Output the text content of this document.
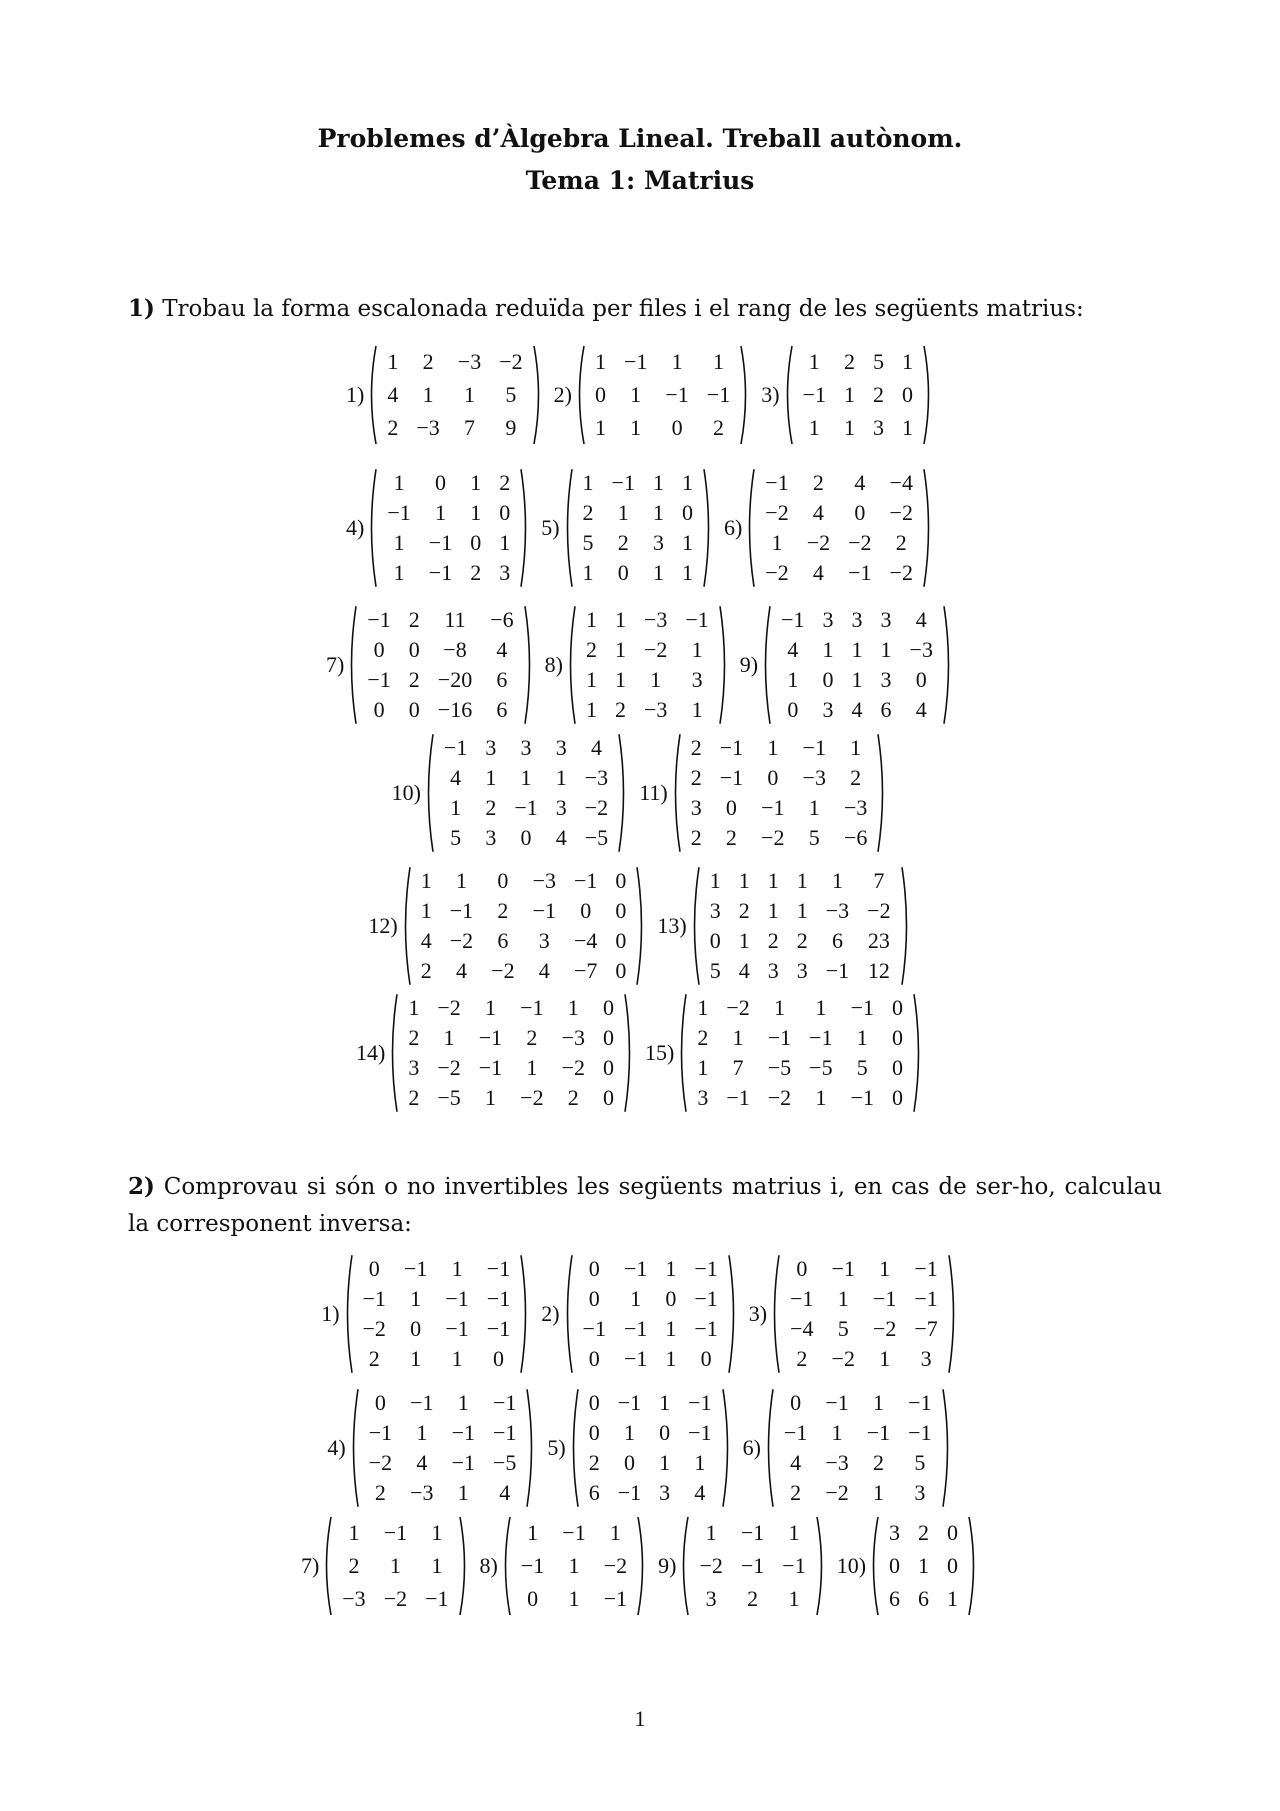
Problemes d’Àlgebra Lineal. Treball autònom.
Tema 1: Matrius
1) Trobau la forma escalonada reduïda per files i el rang de les següents matrius:
1)
1	2	−3	−2
4	1	1	5
2	−3	7	9
2)
1	−1	1	1
0	1	−1	−1
1	1	0	2
3)
1	2	5	1
−1	1	2	0
1	1	3	1
4)
1	0	1	2
−1	1	1	0
1	−1	0	1
1	−1	2	3
5)
1	−1	1	1
2	1	1	0
5	2	3	1
1	0	1	1
6)
−1	2	4	−4
−2	4	0	−2
1	−2	−2	2
−2	4	−1	−2
7)
−1	2	11	−6
0	0	−8	4
−1	2	−20	6
0	0	−16	6
8)
1	1	−3	−1
2	1	−2	1
1	1	1	3
1	2	−3	1
9)
−1	3	3	3	4
4	1	1	1	−3
1	0	1	3	0
0	3	4	6	4
10)
−1	3	3	3	4
4	1	1	1	−3
1	2	−1	3	−2
5	3	0	4	−5
11)
2	−1	1	−1	1
2	−1	0	−3	2
3	0	−1	1	−3
2	2	−2	5	−6
12)
1	1	0	−3	−1	0
1	−1	2	−1	0	0
4	−2	6	3	−4	0
2	4	−2	4	−7	0
13)
1	1	1	1	1	7
3	2	1	1	−3	−2
0	1	2	2	6	23
5	4	3	3	−1	12
14)
1	−2	1	−1	1	0
2	1	−1	2	−3	0
3	−2	−1	1	−2	0
2	−5	1	−2	2	0
15)
1	−2	1	1	−1	0
2	1	−1	−1	1	0
1	7	−5	−5	5	0
3	−1	−2	1	−1	0
2) Comprovau si són o no invertibles les següents matrius i, en cas de ser-ho, calculau la corresponent inversa:
1)
0	−1	1	−1
−1	1	−1	−1
−2	0	−1	−1
2	1	1	0
2)
0	−1	1	−1
0	1	0	−1
−1	−1	1	−1
0	−1	1	0
3)
0	−1	1	−1
−1	1	−1	−1
−4	5	−2	−7
2	−2	1	3
4)
0	−1	1	−1
−1	1	−1	−1
−2	4	−1	−5
2	−3	1	4
5)
0	−1	1	−1
0	1	0	−1
2	0	1	1
6	−1	3	4
6)
0	−1	1	−1
−1	1	−1	−1
4	−3	2	5
2	−2	1	3
7)
1	−1	1
2	1	1
−3	−2	−1
8)
1	−1	1
−1	1	−2
0	1	−1
9)
1	−1	1
−2	−1	−1
3	2	1
10)
3	2	0
0	1	0
6	6	1
1
